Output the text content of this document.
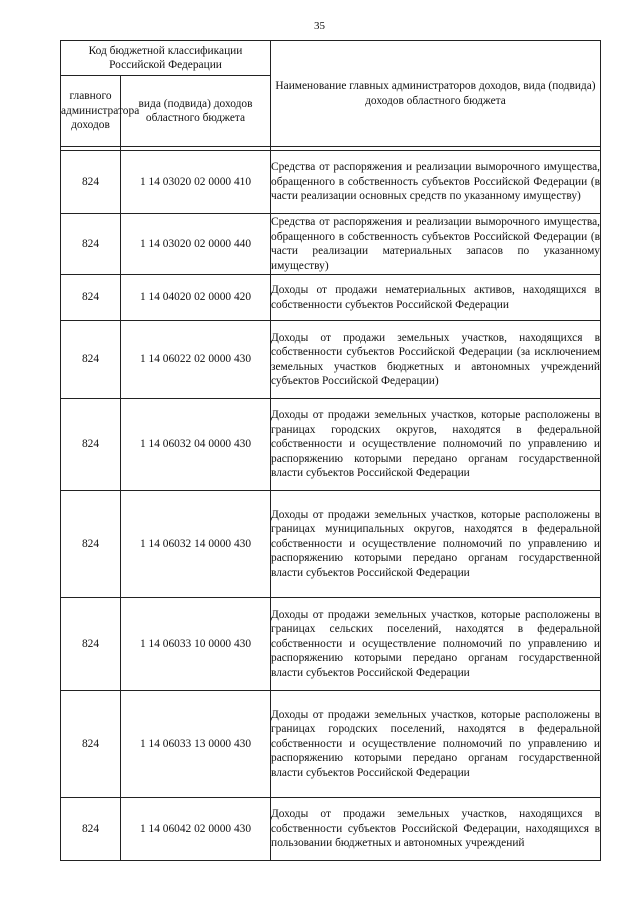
35
Код бюджетной классификации Российской Федерации		Наименование главных администраторов доходов, вида (подвида) доходов областного бюджета
главного администратора доходов	вида (подвида) доходов областного бюджета	

824	1 14 03020 02 0000 410	Средства от распоряжения и реализации выморочного имущества, обращенного в собственность субъектов Российской Федерации (в части реализации основных средств по указанному имуществу)
824	1 14 03020 02 0000 440	Средства от распоряжения и реализации выморочного имущества, обращенного в собственность субъектов Российской Федерации (в части реализации материальных запасов по указанному имуществу)
824	1 14 04020 02 0000 420	Доходы от продажи нематериальных активов, находящихся в собственности субъектов Российской Федерации
824	1 14 06022 02 0000 430	Доходы от продажи земельных участков, находящихся в собственности субъектов Российской Федерации (за исключением земельных участков бюджетных и автономных учреждений субъектов Российской Федерации)
824	1 14 06032 04 0000 430	Доходы от продажи земельных участков, которые расположены в границах городских округов, находятся в федеральной собственности и осуществление полномочий по управлению и распоряжению которыми передано органам государственной власти субъектов Российской Федерации
824	1 14 06032 14 0000 430	Доходы от продажи земельных участков, которые расположены в границах муниципальных округов, находятся в федеральной собственности и осуществление полномочий по управлению и распоряжению которыми передано органам государственной власти субъектов Российской Федерации
824	1 14 06033 10 0000 430	Доходы от продажи земельных участков, которые расположены в границах сельских поселений, находятся в федеральной собственности и осуществление полномочий по управлению и распоряжению которыми передано органам государственной власти субъектов Российской Федерации
824	1 14 06033 13 0000 430	Доходы от продажи земельных участков, которые расположены в границах городских поселений, находятся в федеральной собственности и осуществление полномочий по управлению и распоряжению которыми передано органам государственной власти субъектов Российской Федерации
824	1 14 06042 02 0000 430	Доходы от продажи земельных участков, находящихся в собственности субъектов Российской Федерации, находящихся в пользовании бюджетных и автономных учреждений
